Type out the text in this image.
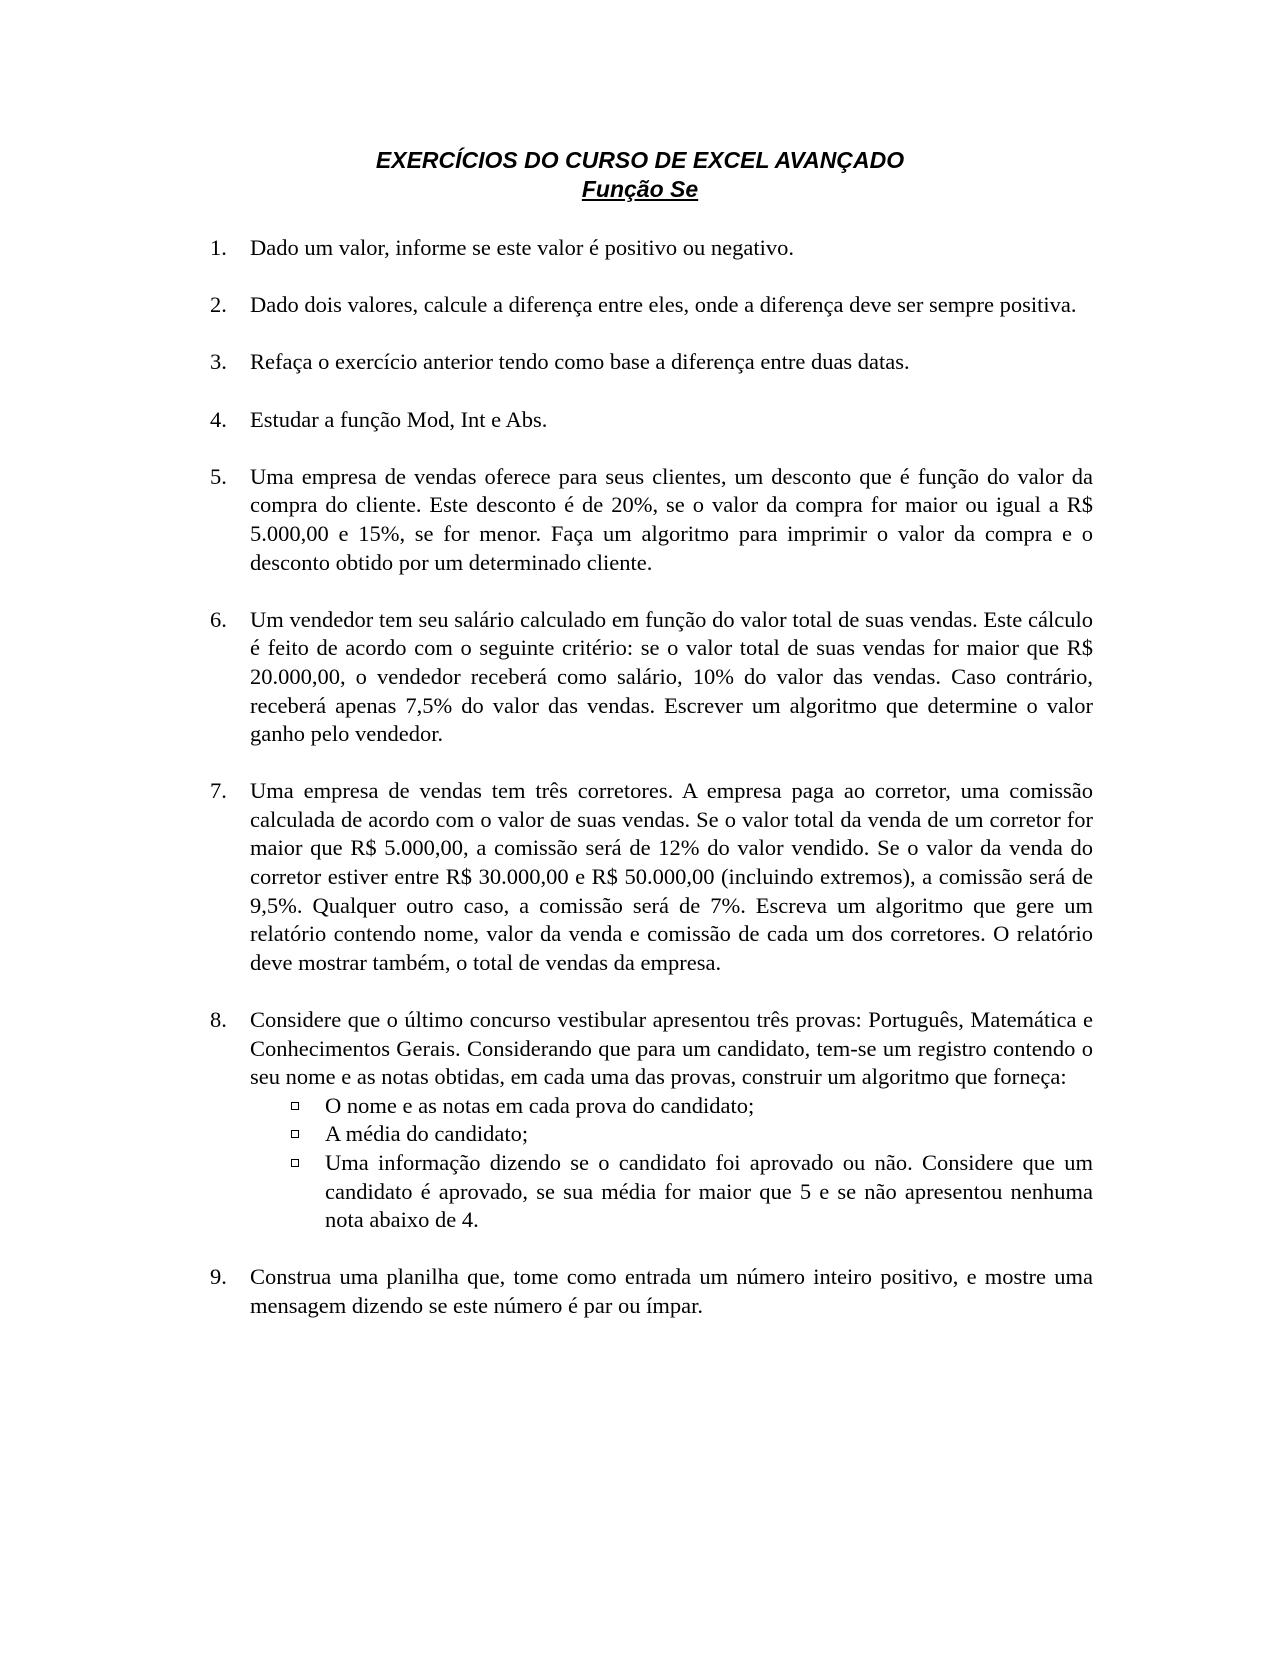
EXERCÍCIOS DO CURSO DE EXCEL AVANÇADO
Função Se
1. Dado um valor, informe se este valor é positivo ou negativo.
2. Dado dois valores, calcule a diferença entre eles, onde a diferença deve ser sempre positiva.
3. Refaça o exercício anterior tendo como base a diferença entre duas datas.
4. Estudar a função Mod, Int e Abs.
5. Uma empresa de vendas oferece para seus clientes, um desconto que é função do valor da compra do cliente. Este desconto é de 20%, se o valor da compra for maior ou igual a R$ 5.000,00 e 15%, se for menor. Faça um algoritmo para imprimir o valor da compra e o desconto obtido por um determinado cliente.
6. Um vendedor tem seu salário calculado em função do valor total de suas vendas. Este cálculo é feito de acordo com o seguinte critério: se o valor total de suas vendas for maior que R$ 20.000,00, o vendedor receberá como salário, 10% do valor das vendas. Caso contrário, receberá apenas 7,5% do valor das vendas. Escrever um algoritmo que determine o valor ganho pelo vendedor.
7. Uma empresa de vendas tem três corretores. A empresa paga ao corretor, uma comissão calculada de acordo com o valor de suas vendas. Se o valor total da venda de um corretor for maior que R$ 5.000,00, a comissão será de 12% do valor vendido. Se o valor da venda do corretor estiver entre R$ 30.000,00 e R$ 50.000,00 (incluindo extremos), a comissão será de 9,5%. Qualquer outro caso, a comissão será de 7%. Escreva um algoritmo que gere um relatório contendo nome, valor da venda e comissão de cada um dos corretores. O relatório deve mostrar também, o total de vendas da empresa.
8. Considere que o último concurso vestibular apresentou três provas: Português, Matemática e Conhecimentos Gerais. Considerando que para um candidato, tem-se um registro contendo o seu nome e as notas obtidas, em cada uma das provas, construir um algoritmo que forneça:
O nome e as notas em cada prova do candidato;
A média do candidato;
Uma informação dizendo se o candidato foi aprovado ou não. Considere que um candidato é aprovado, se sua média for maior que 5 e se não apresentou nenhuma nota abaixo de 4.
9. Construa uma planilha que, tome como entrada um número inteiro positivo, e mostre uma mensagem dizendo se este número é par ou ímpar.
